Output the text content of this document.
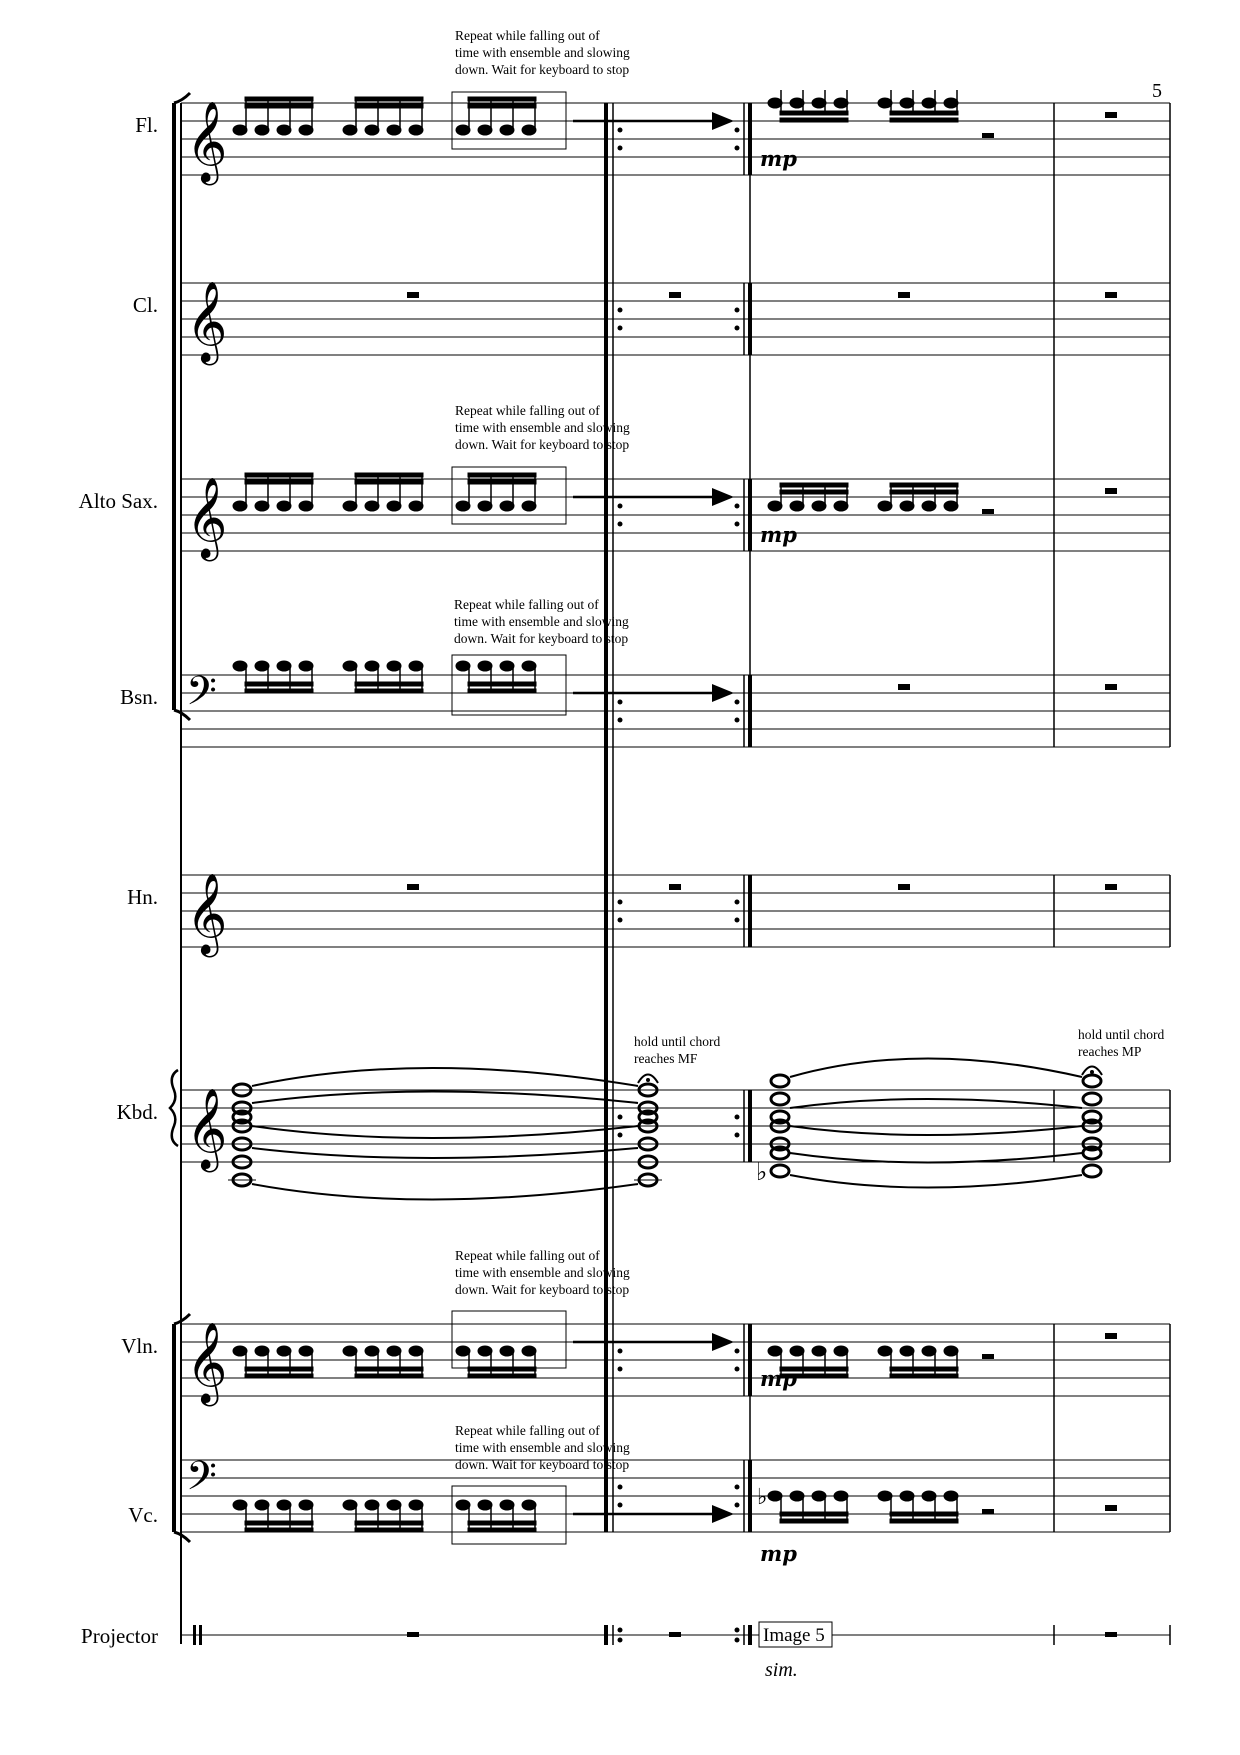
5
Fl. 𝄞
Repeat while falling out of
time with ensemble and slowing
down. Wait for keyboard to stop
mp
Cl. 𝄞
Alto Sax. 𝄞
Repeat while falling out of
time with ensemble and slowing
down. Wait for keyboard to stop
mp
Bsn. 𝄢
Repeat while falling out of
time with ensemble and slowing
down. Wait for keyboard to stop
Hn. 𝄞
Kbd. 𝄞
hold until chord
reaches MF
♭
hold until chord
reaches MP
Vln. 𝄞
Repeat while falling out of
time with ensemble and slowing
down. Wait for keyboard to stop
mp
Vc.
𝄢
Repeat while falling out of
time with ensemble and slowing
down. Wait for keyboard to stop
♭
mp
Projector	Image 5
sim.
